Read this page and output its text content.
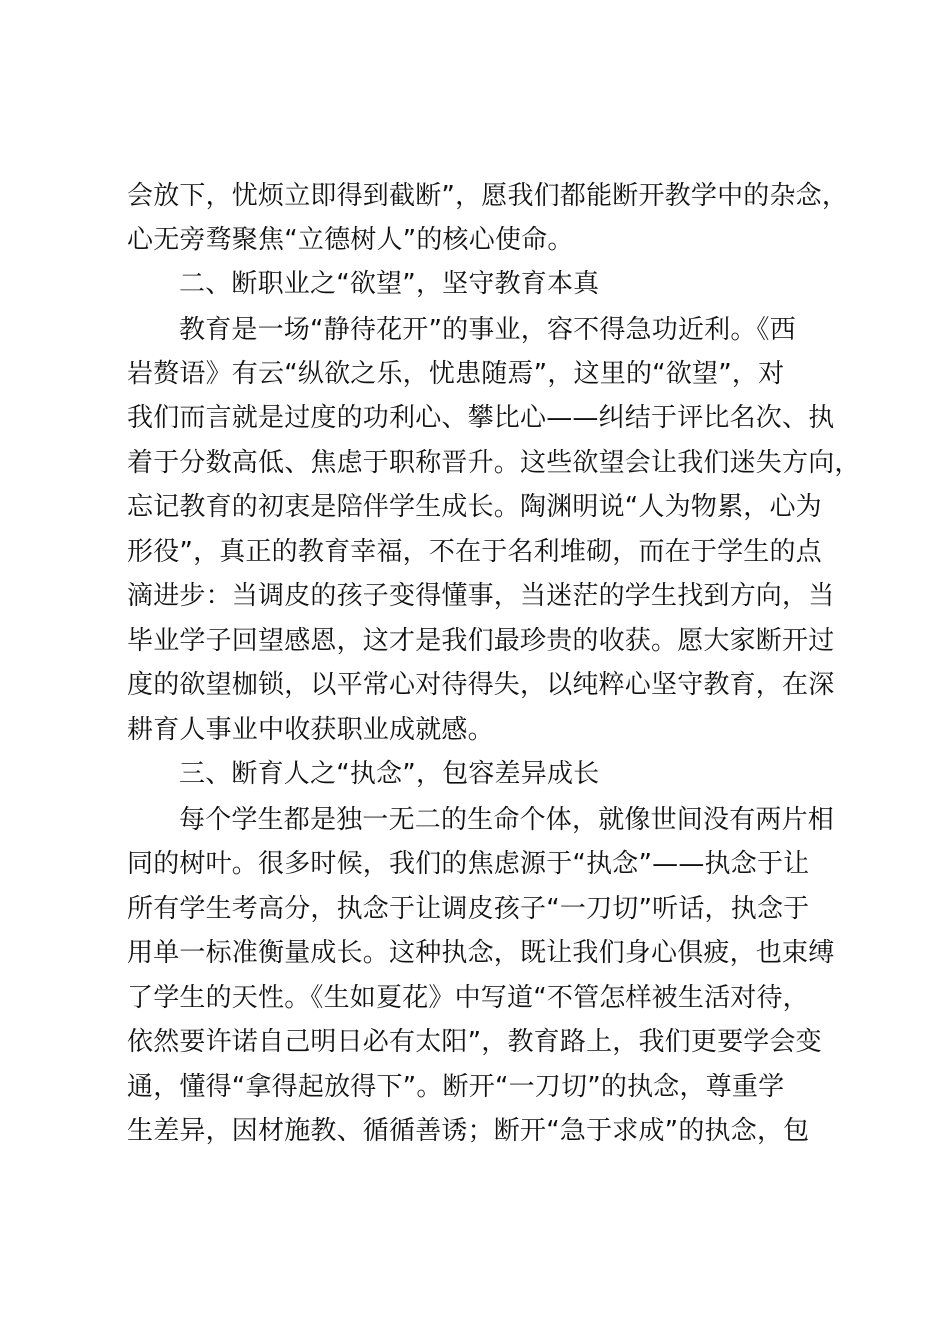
会放下，忧烦立即得到截断”，愿我们都能断开教学中的杂念，
心无旁骛聚焦“立德树人”的核心使命。
二、断职业之“欲望”，坚守教育本真
教育是一场“静待花开”的事业，容不得急功近利。《西
岩赘语》有云“纵欲之乐，忧患随焉”，这里的“欲望”，对
我们而言就是过度的功利心、攀比心——纠结于评比名次、执
着于分数高低、焦虑于职称晋升。这些欲望会让我们迷失方向，
忘记教育的初衷是陪伴学生成长。陶渊明说“人为物累，心为
形役”，真正的教育幸福，不在于名利堆砌，而在于学生的点
滴进步：当调皮的孩子变得懂事，当迷茫的学生找到方向，当
毕业学子回望感恩，这才是我们最珍贵的收获。愿大家断开过
度的欲望枷锁，以平常心对待得失，以纯粹心坚守教育，在深
耕育人事业中收获职业成就感。
三、断育人之“执念”，包容差异成长
每个学生都是独一无二的生命个体，就像世间没有两片相
同的树叶。很多时候，我们的焦虑源于“执念”——执念于让
所有学生考高分，执念于让调皮孩子“一刀切”听话，执念于
用单一标准衡量成长。这种执念，既让我们身心俱疲，也束缚
了学生的天性。《生如夏花》中写道“不管怎样被生活对待，
依然要许诺自己明日必有太阳”，教育路上，我们更要学会变
通，懂得“拿得起放得下”。断开“一刀切”的执念，尊重学
生差异，因材施教、循循善诱；断开“急于求成”的执念，包
